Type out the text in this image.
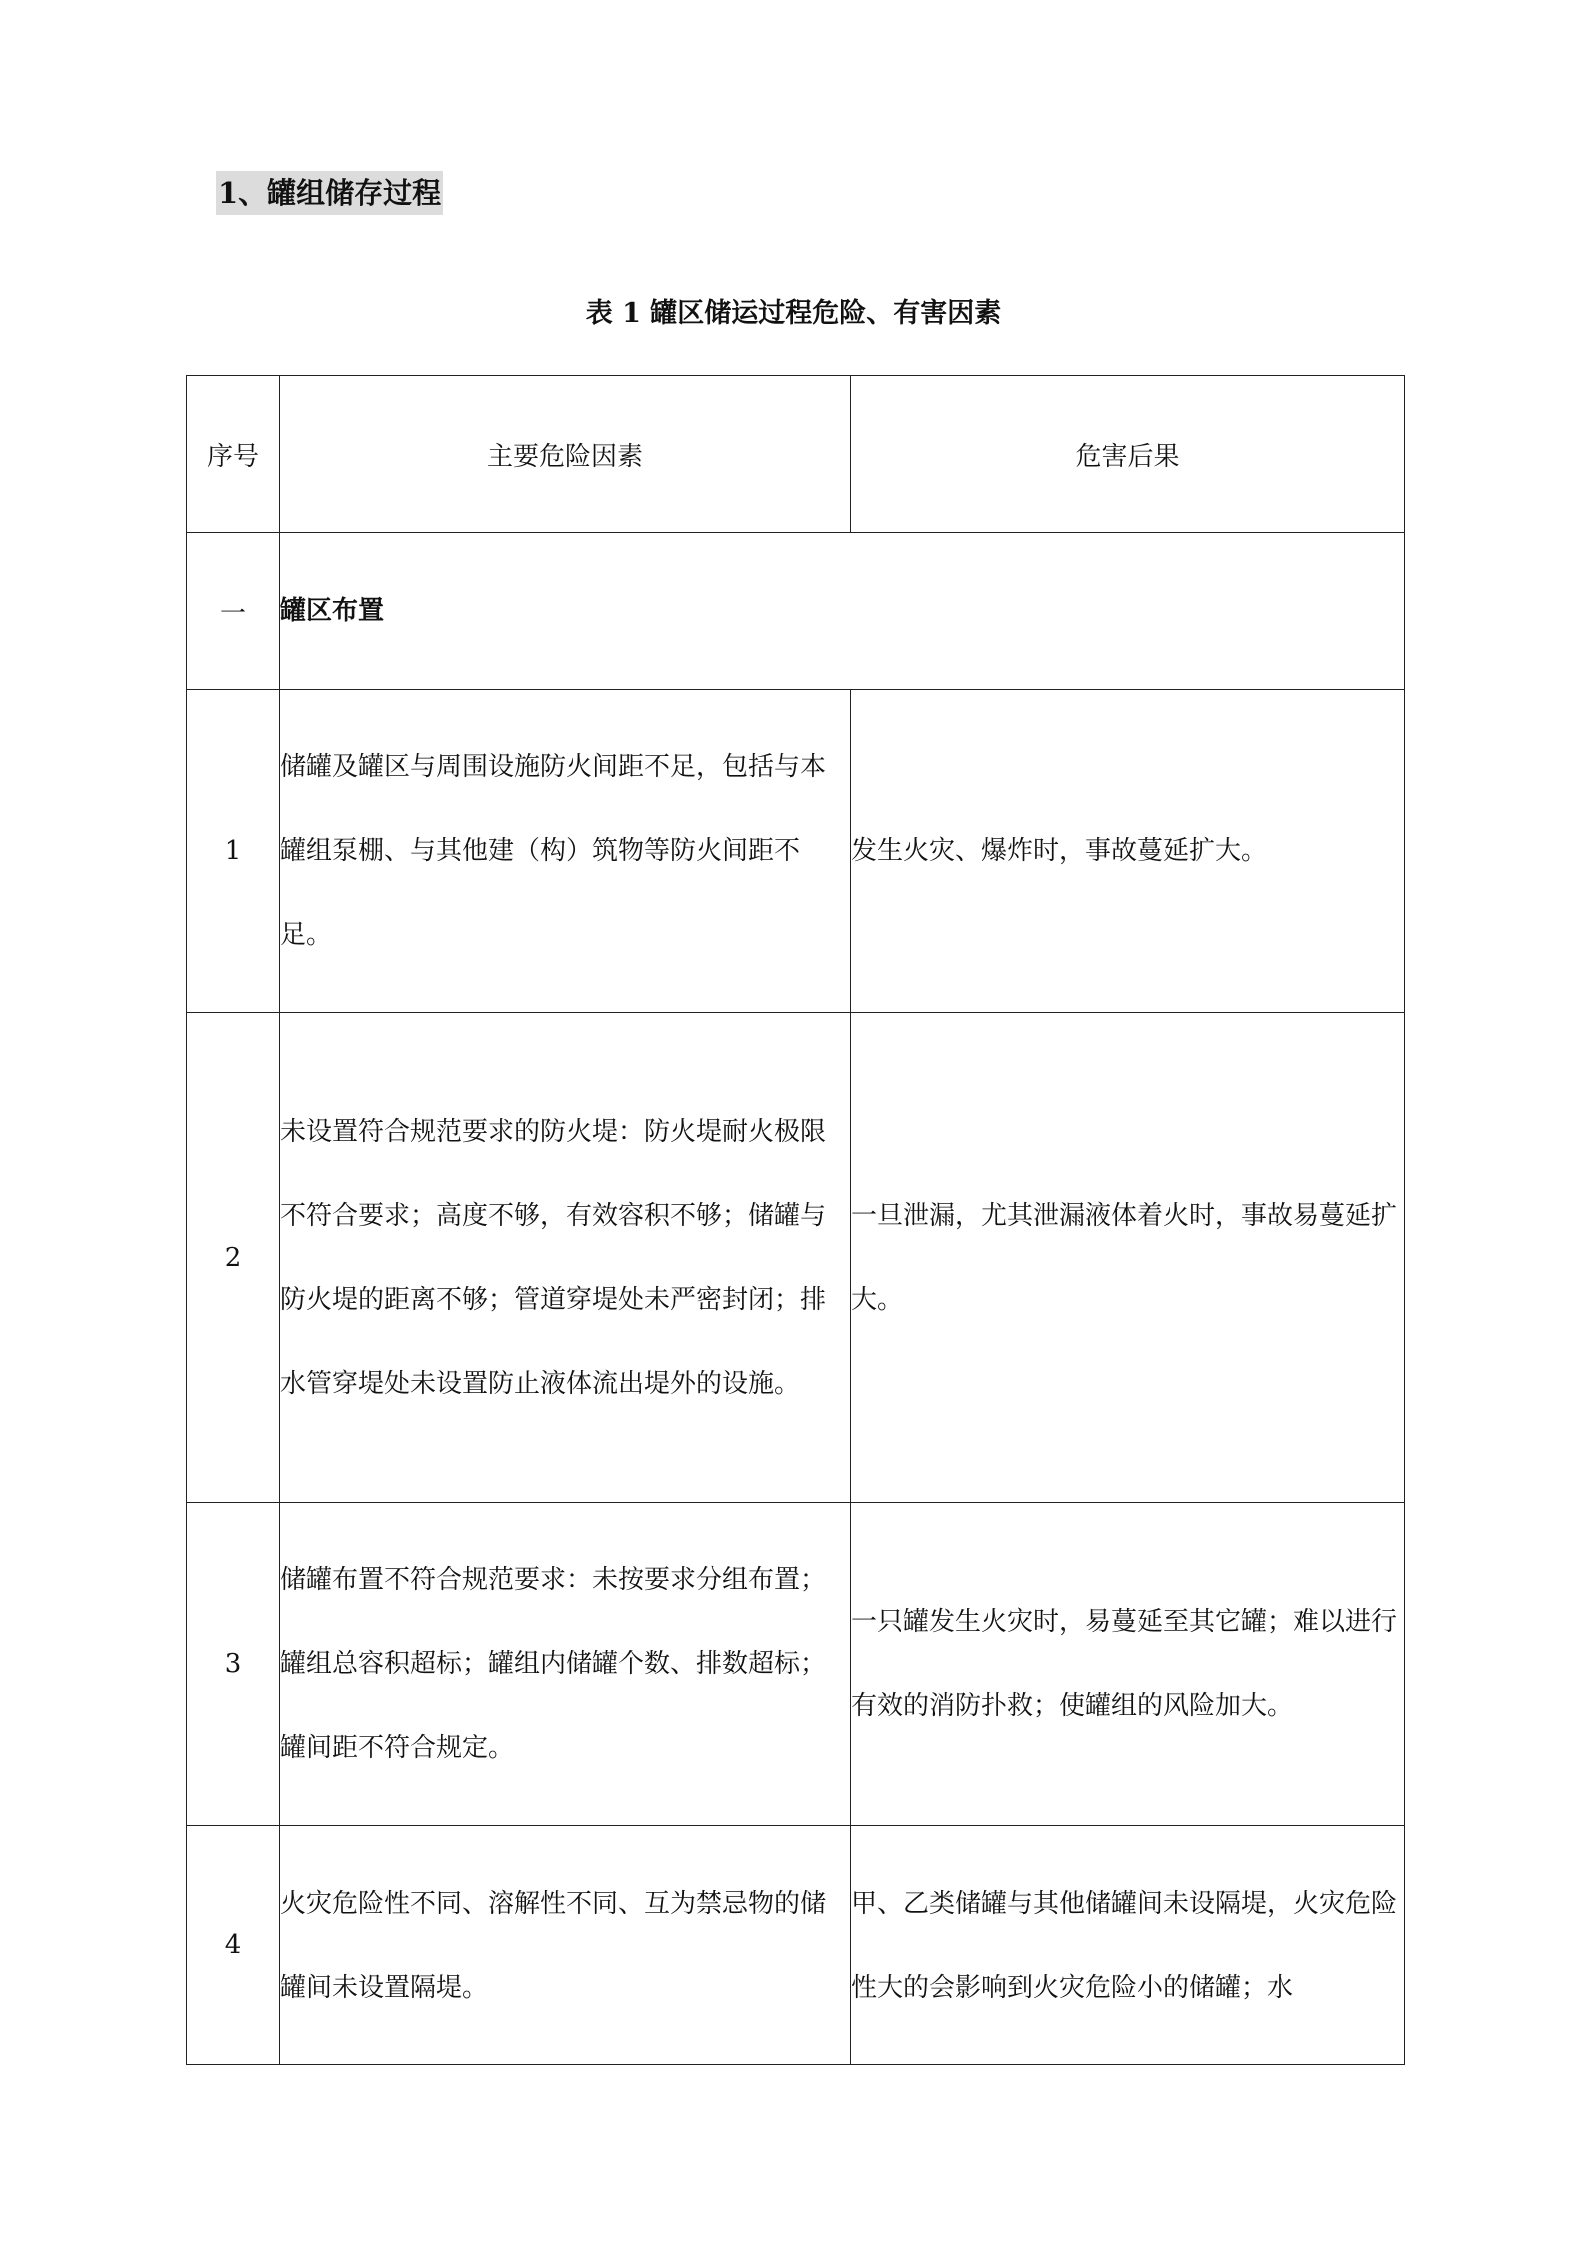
1、罐组储存过程
表 1 罐区储运过程危险、有害因素
序号	主要危险因素	危害后果
一	罐区布置	
1	储罐及罐区与周围设施防火间距不足，包括与本罐组泵棚、与其他建（构）筑物等防火间距不足。	发生火灾、爆炸时，事故蔓延扩大。
2	未设置符合规范要求的防火堤：防火堤耐火极限不符合要求；高度不够，有效容积不够；储罐与防火堤的距离不够；管道穿堤处未严密封闭；排水管穿堤处未设置防止液体流出堤外的设施。	一旦泄漏，尤其泄漏液体着火时，事故易蔓延扩大。
3	储罐布置不符合规范要求：未按要求分组布置；罐组总容积超标；罐组内储罐个数、排数超标；罐间距不符合规定。	一只罐发生火灾时，易蔓延至其它罐；难以进行有效的消防扑救；使罐组的风险加大。
4	火灾危险性不同、溶解性不同、互为禁忌物的储罐间未设置隔堤。	甲、乙类储罐与其他储罐间未设隔堤，火灾危险性大的会影响到火灾危险小的储罐；水
